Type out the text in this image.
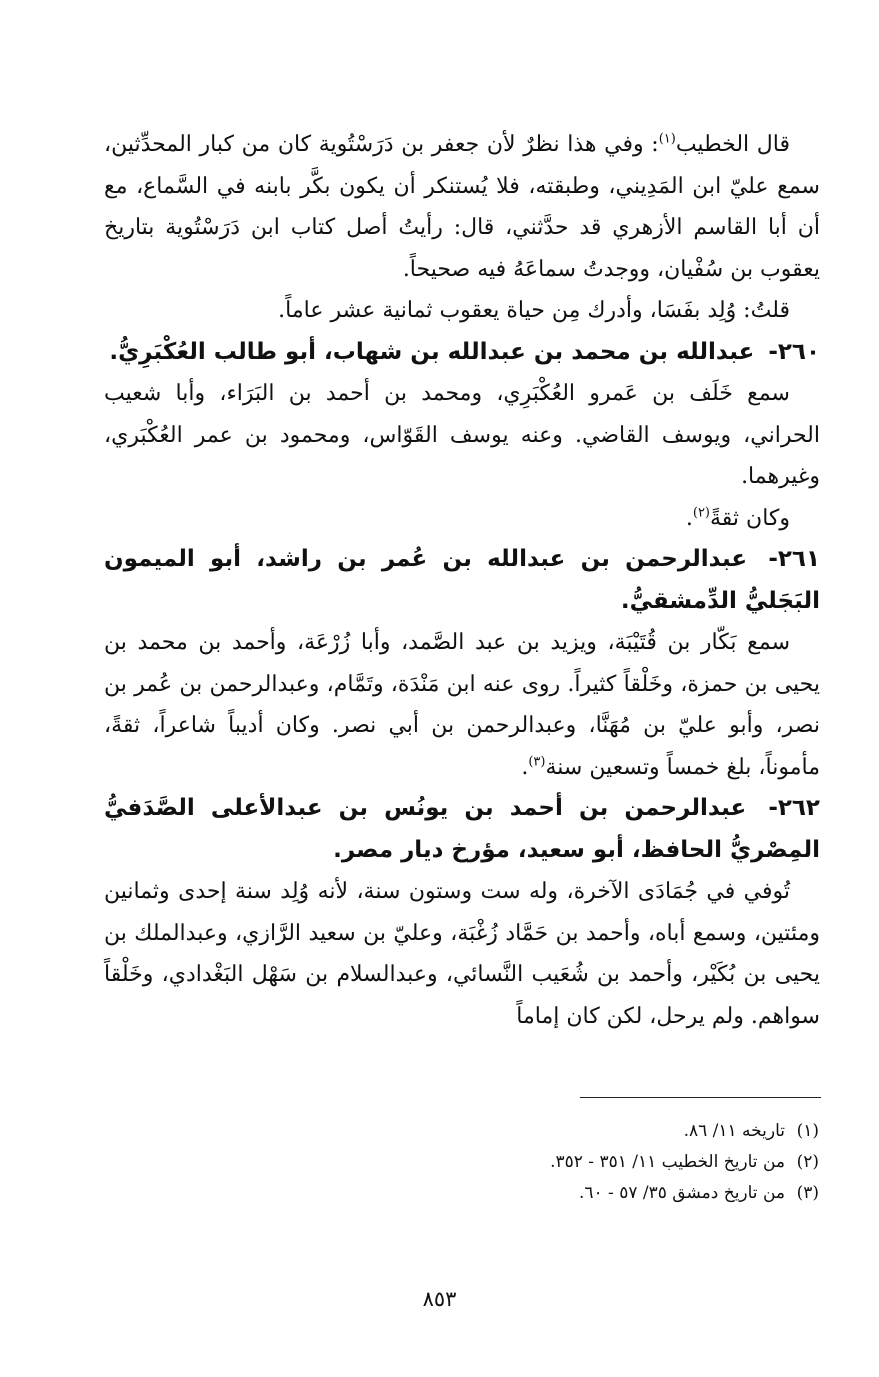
قال الخطيب$^{(١)}$: وفي هذا نظرٌ لأن جعفر بن دَرَسْتُوية كان من كبار المحدِّثين، سمع عليّ ابن المَدِيني، وطبقته، فلا يُستنكر أن يكون بكَّر بابنه في السَّماع، مع أن أبا القاسم الأزهري قد حدَّثني، قال: رأيتُ أصل كتاب ابن دَرَسْتُوية بتاريخ يعقوب بن سُفْيان، ووجدتُ سماعَهُ فيه صحيحاً.

قلتُ: وُلِد بفَسَا، وأدرك مِن حياة يعقوب ثمانية عشر عاماً.

٢٦٠- عبدالله بن محمد بن عبدالله بن شهاب، أبو طالب العُكْبَرِيُّ.

سمع خَلَف بن عَمرو العُكْبَرِي، ومحمد بن أحمد بن البَرَاء، وأبا شعيب الحراني، ويوسف القاضي. وعنه يوسف القَوّاس، ومحمود بن عمر العُكْبَري، وغيرهما.

وكان ثقةً$^{(٢)}$.

٢٦١- عبدالرحمن بن عبدالله بن عُمر بن راشد، أبو الميمون البَجَليُّ الدِّمشقيُّ.

سمع بَكّار بن قُتَيْبَة، ويزيد بن عبد الصَّمد، وأبا زُرْعَة، وأحمد بن محمد بن يحيى بن حمزة، وخَلْقاً كثيراً. روى عنه ابن مَنْدَة، وتَمَّام، وعبدالرحمن بن عُمر بن نصر، وأبو عليّ بن مُهَنَّا، وعبدالرحمن بن أبي نصر. وكان أديباً شاعراً، ثقةً، مأموناً، بلغ خمساً وتسعين سنة$^{(٣)}$.

٢٦٢- عبدالرحمن بن أحمد بن يونُس بن عبدالأعلى الصَّدَفيُّ المِصْريُّ الحافظ، أبو سعيد، مؤرخ ديار مصر.

تُوفي في جُمَادَى الآخرة، وله ست وستون سنة، لأنه وُلِد سنة إحدى وثمانين ومئتين، وسمع أباه، وأحمد بن حَمَّاد زُغْبَة، وعليّ بن سعيد الرَّازي، وعبدالملك بن يحيى بن بُكَيْر، وأحمد بن شُعَيب النَّسائي، وعبدالسلام بن سَهْل البَغْدادي، وخَلْقاً سواهم. ولم يرحل، لكن كان إماماً

(١)تاريخه ١١/ ٨٦.

(٢)من تاريخ الخطيب ١١/ ٣٥١ - ٣٥٢.

(٣)من تاريخ دمشق ٣٥/ ٥٧ - ٦٠.

٨٥٣
